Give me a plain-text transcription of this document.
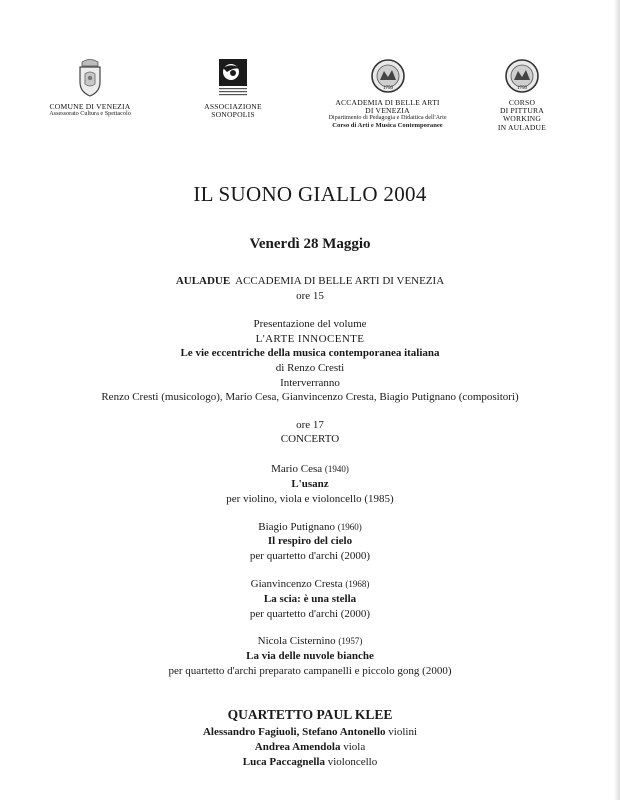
COMUNE DI VENEZIA
Assessorato Cultura e Spettacolo
ASSOCIAZIONE
SONOPOLIS
1750
ACCADEMIA DI BELLE ARTI
DI VENEZIA
Dipartimento di Pedagogia e Didattica dell'Arte
Corso di Arti e Musica Contemporanee
1750
CORSO
DI PITTURA
WORKING
IN AULADUE
IL SUONO GIALLO 2004
Venerdì 28 Maggio
AULADUE ACCADEMIA DI BELLE ARTI DI VENEZIA
ore 15
Presentazione del volume
L'ARTE INNOCENTE
Le vie eccentriche della musica contemporanea italiana
di Renzo Cresti
Interverranno
Renzo Cresti (musicologo), Mario Cesa, Gianvincenzo Cresta, Biagio Putignano (compositori)
ore 17
CONCERTO
Mario Cesa (1940)
L'usanz
per violino, viola e violoncello (1985)
Biagio Putignano (1960)
Il respiro del cielo
per quartetto d'archi (2000)
Gianvincenzo Cresta (1968)
La scia: è una stella
per quartetto d'archi (2000)
Nicola Cisternino (1957)
La via delle nuvole bianche
per quartetto d'archi preparato campanelli e piccolo gong (2000)
QUARTETTO PAUL KLEE
Alessandro Fagiuoli, Stefano Antonello violini
Andrea Amendola viola
Luca Paccagnella violoncello
